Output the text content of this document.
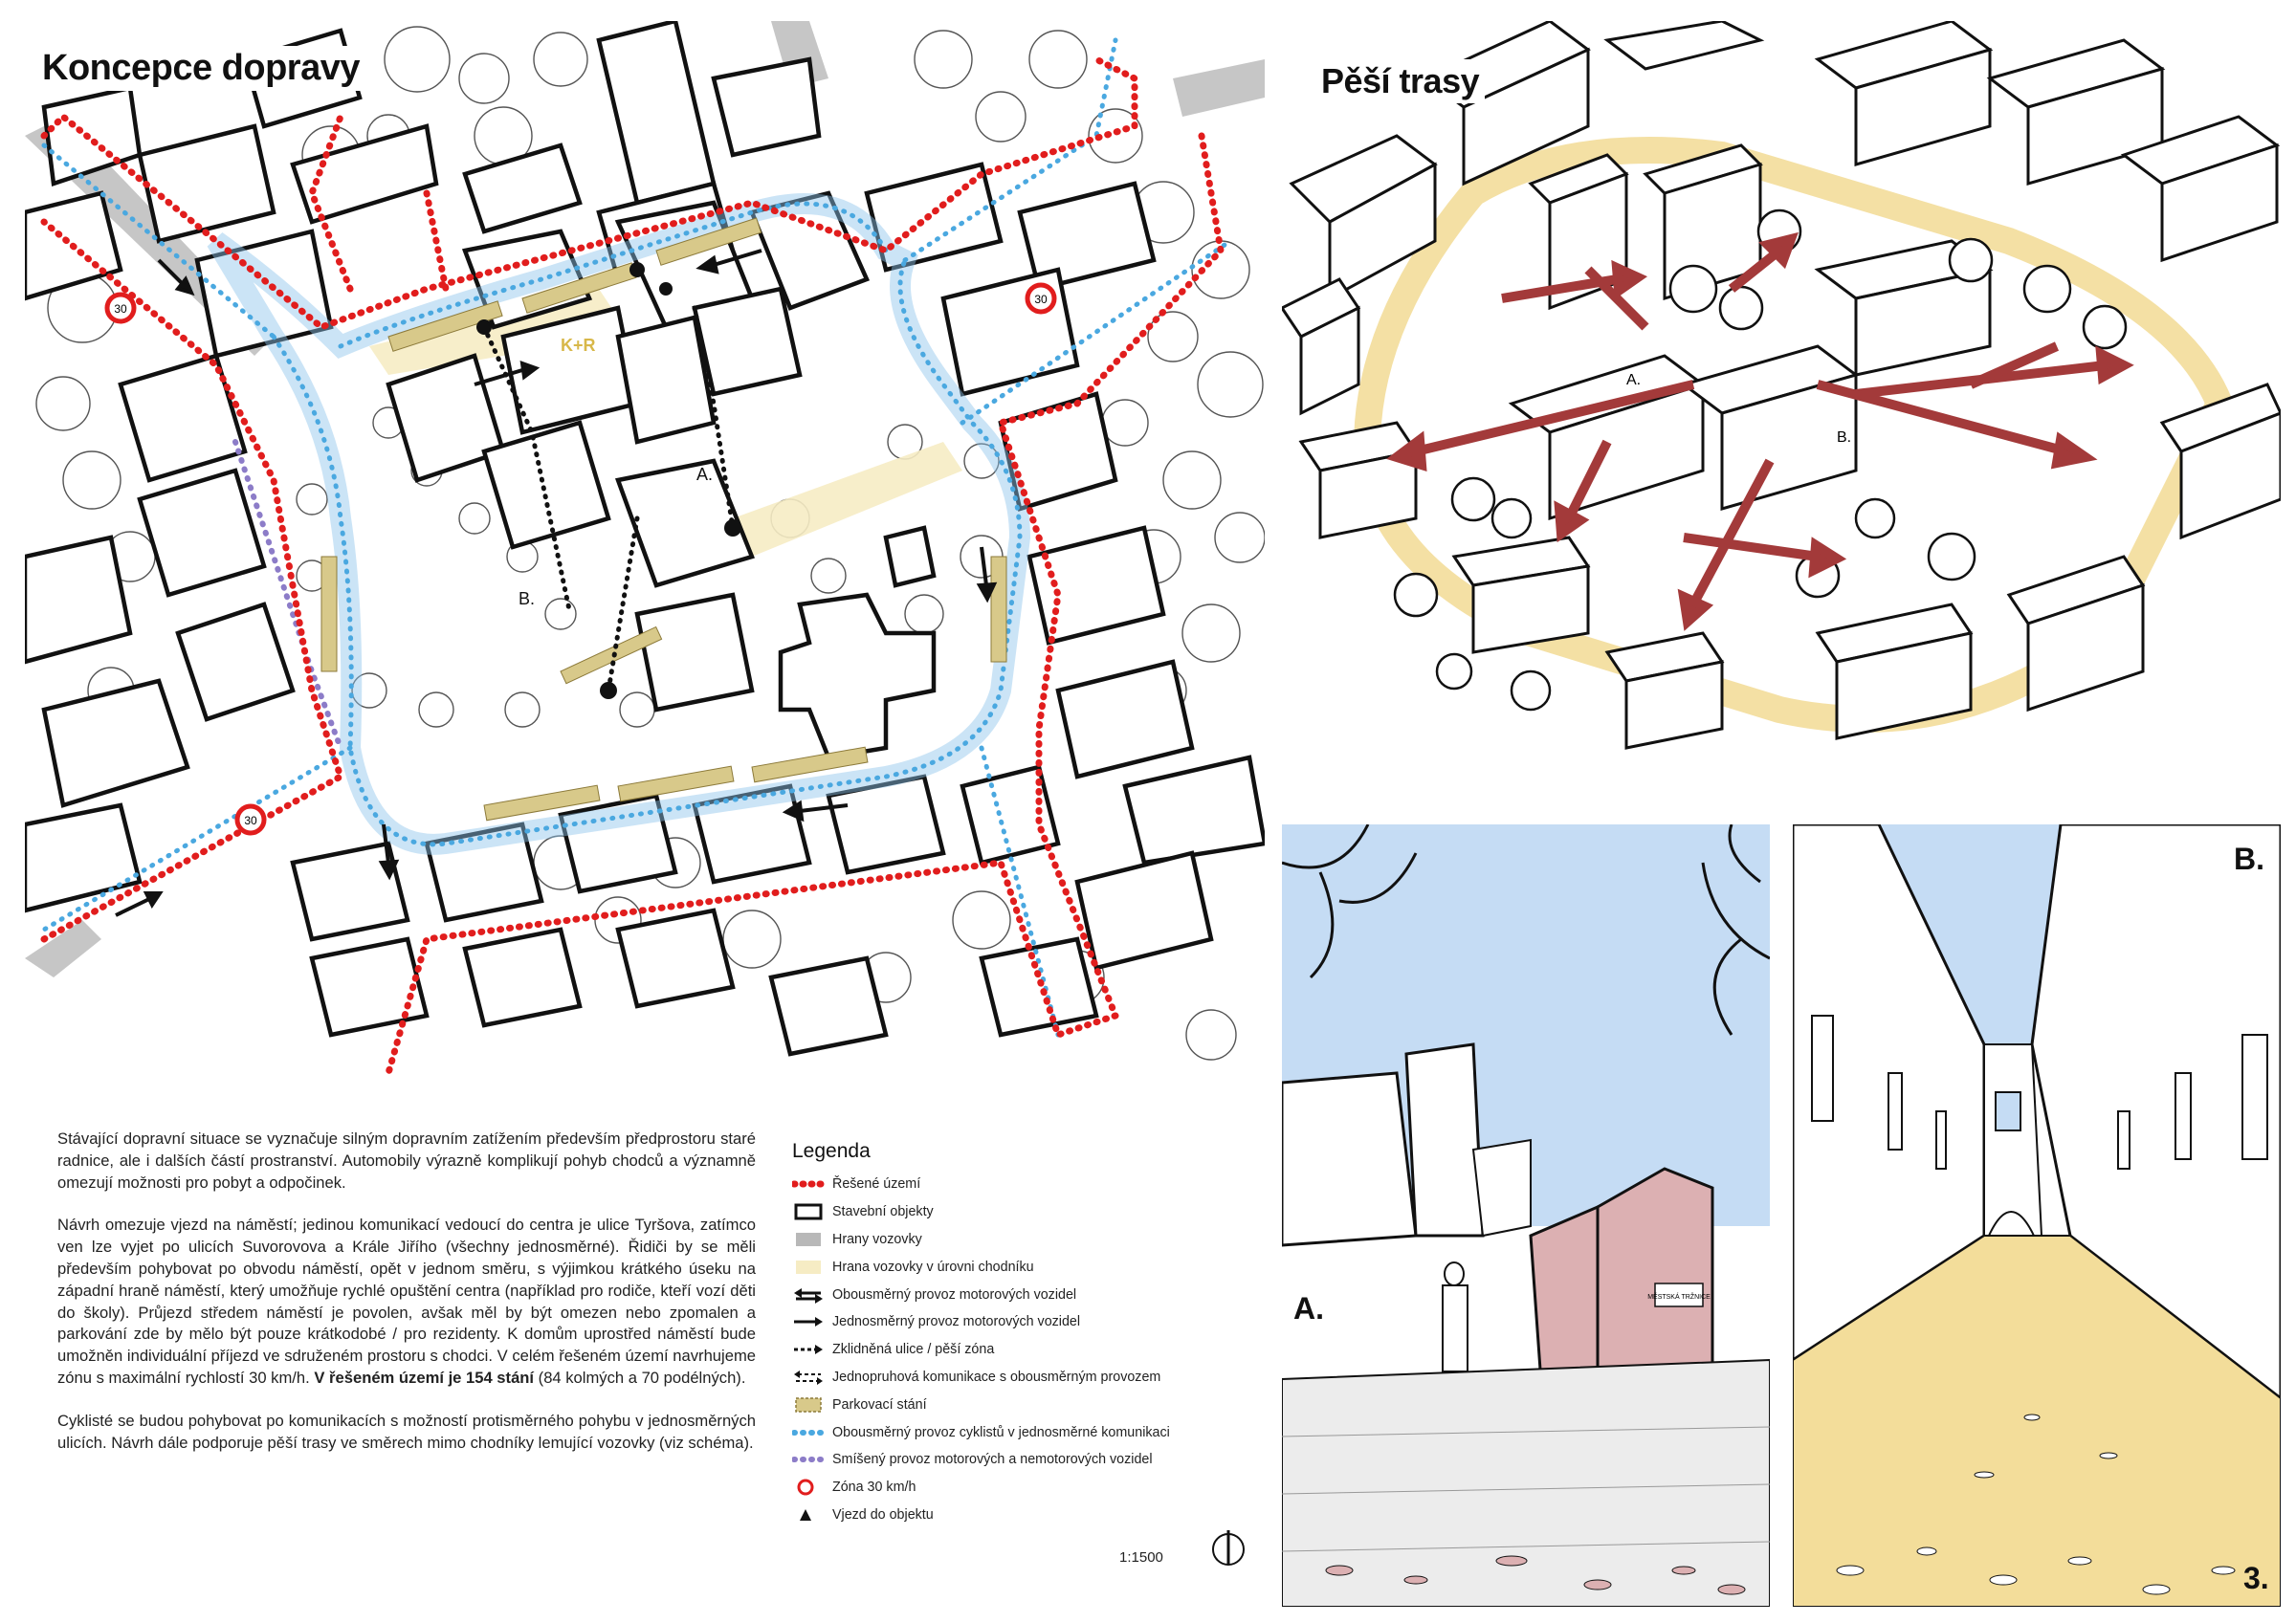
30
30
30
K+R
A.
B.
Koncepce dopravy

Stávající dopravní situace se vyznačuje silným dopravním zatížením především předprostoru staré radnice, ale i dalších částí prostranství. Automobily výrazně komplikují pohyb chodců a významně omezují možnosti pro pobyt a odpočinek.

Návrh omezuje vjezd na náměstí; jedinou komunikací vedoucí do centra je ulice Tyršova, zatímco ven lze vyjet po ulicích Suvorovova a Krále Jiřího (všechny jednosměrné). Řidiči by se měli především pohybovat po obvodu náměstí, opět v jednom směru, s výjimkou krátkého úseku na západní hraně náměstí, který umožňuje rychlé opuštění centra (například pro rodiče, kteří vozí děti do školy). Průjezd středem náměstí je povolen, avšak měl by být omezen nebo zpomalen a parkování zde by mělo být pouze krátkodobé / pro rezidenty. K domům uprostřed náměstí bude umožněn individuální příjezd ve sdruženém prostoru s chodci. V celém řešeném území navrhujeme zónu s maximální rychlostí 30 km/h. V řešeném území je 154 stání (84 kolmých a 70 podélných).

Cyklisté se budou pohybovat po komunikacích s možností protisměrného pohybu v jednosměrných ulicích. Návrh dále podporuje pěší trasy ve směrech mimo chodníky lemující vozovky (viz schéma).

Legenda
Řešené území
Stavební objekty
Hrany vozovky
Hrana vozovky v úrovni chodníku
Obousměrný provoz motorových vozidel
Jednosměrný provoz motorových vozidel
Zklidněná ulice / pěší zóna
Jednopruhová komunikace s obousměrným provozem
Parkovací stání
Obousměrný provoz cyklistů v jednosměrné komunikaci
Smíšený provoz motorových a nemotorových vozidel
Zóna 30 km/h
Vjezd do objektu
1:1500
A.
B.
Pěší trasy
MĚSTSKÁ TRŽNICE
A.
B.
3.
